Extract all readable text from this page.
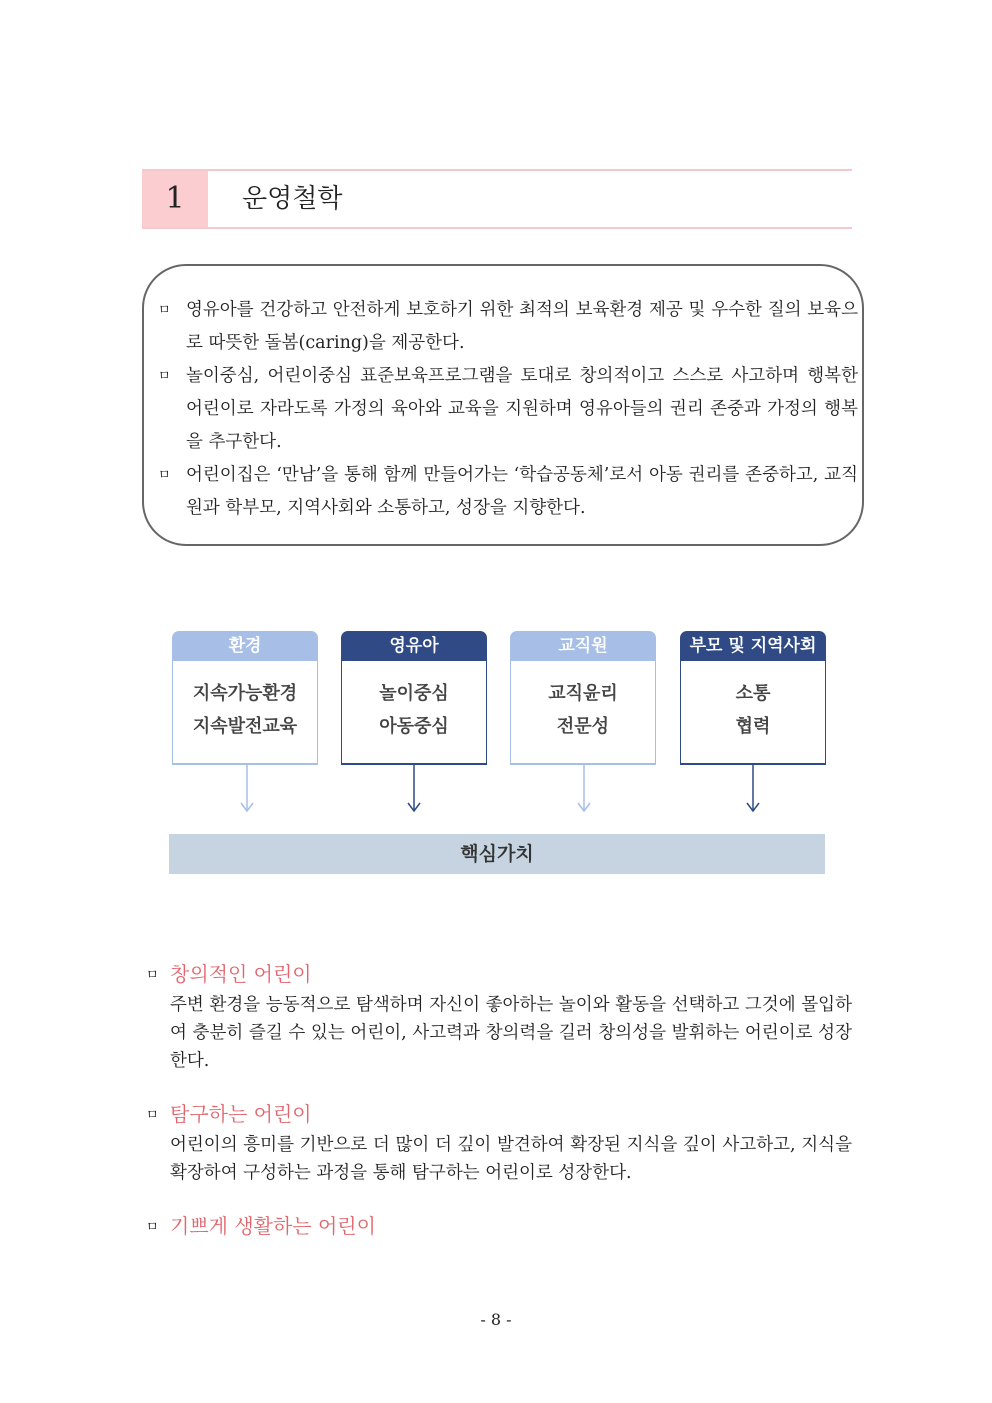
1	운영철학
ㅁ 영유아를 건강하고 안전하게 보호하기 위한 최적의 보육환경 제공 및 우수한 질의 보육으로 따뜻한 돌봄(caring)을 제공한다.
ㅁ 놀이중심, 어린이중심 표준보육프로그램을 토대로 창의적이고 스스로 사고하며 행복한 어린이로 자라도록 가정의 육아와 교육을 지원하며 영유아들의 권리 존중과 가정의 행복을 추구한다.
ㅁ 어린이집은 ‘만남’을 통해 함께 만들어가는 ‘학습공동체’로서 아동 권리를 존중하고, 교직원과 학부모, 지역사회와 소통하고, 성장을 지향한다.
환경
지속가능환경
지속발전교육
영유아
놀이중심
아동중심
교직원
교직윤리
전문성
부모 및 지역사회
소통
협력
핵심가치
ㅁ 창의적인 어린이
주변 환경을 능동적으로 탐색하며 자신이 좋아하는 놀이와 활동을 선택하고 그것에 몰입하여 충분히 즐길 수 있는 어린이, 사고력과 창의력을 길러 창의성을 발휘하는 어린이로 성장한다.
ㅁ 탐구하는 어린이
어린이의 흥미를 기반으로 더 많이 더 깊이 발견하여 확장된 지식을 깊이 사고하고, 지식을 확장하여 구성하는 과정을 통해 탐구하는 어린이로 성장한다.
ㅁ 기쁘게 생활하는 어린이
- 8 -
